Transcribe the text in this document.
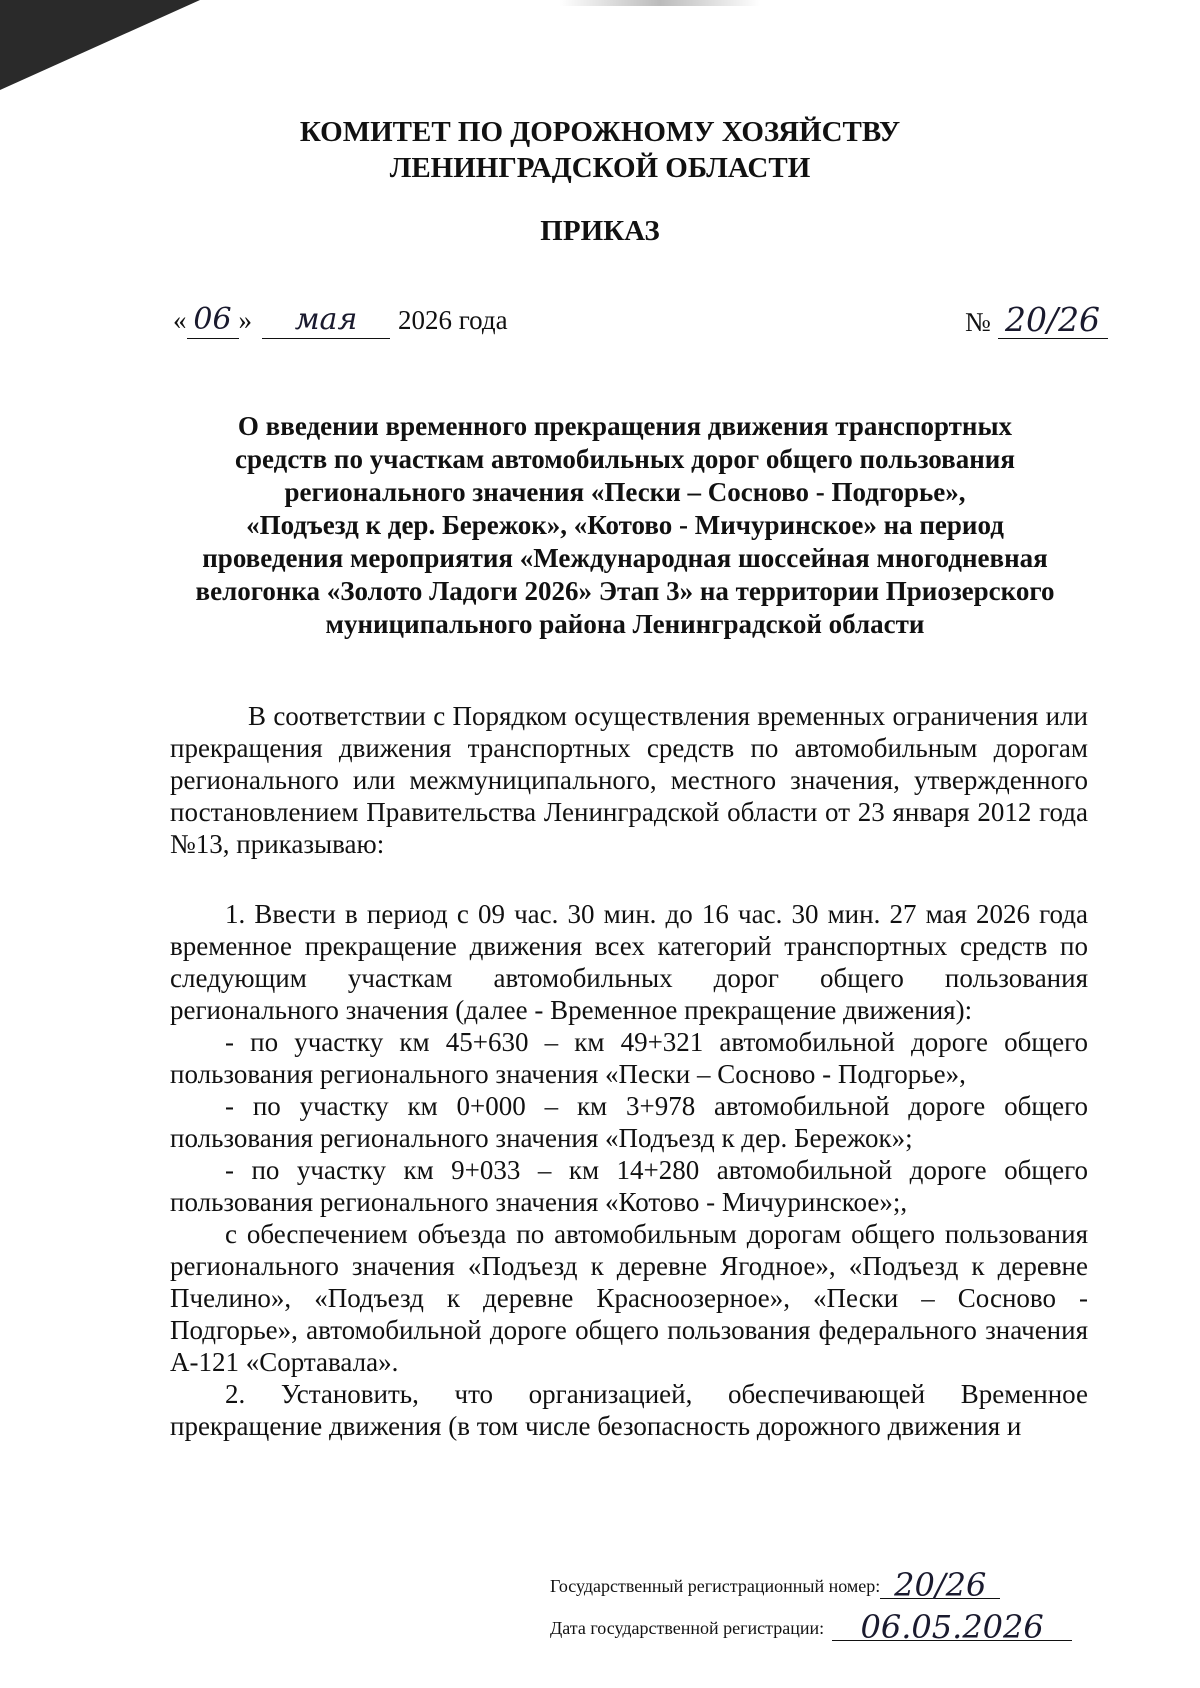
КОМИТЕТ ПО ДОРОЖНОМУ ХОЗЯЙСТВУ
ЛЕНИНГРАДСКОЙ ОБЛАСТИ
ПРИКАЗ
« 06 » мая 2026 года	№ 20/26
О введении временного прекращения движения транспортных
средств по участкам автомобильных дорог общего пользования
регионального значения «Пески – Сосново - Подгорье»,
«Подъезд к дер. Бережок», «Котово - Мичуринское» на период
проведения мероприятия «Международная шоссейная многодневная
велогонка «Золото Ладоги 2026» Этап 3» на территории Приозерского
муниципального района Ленинградской области

В соответствии с Порядком осуществления временных ограничения или прекращения движения транспортных средств по автомобильным дорогам регионального или межмуниципального, местного значения, утвержденного постановлением Правительства Ленинградской области от 23 января 2012 года №13, приказываю:

1. Ввести в период с 09 час. 30 мин. до 16 час. 30 мин. 27 мая 2026 года временное прекращение движения всех категорий транспортных средств по следующим участкам автомобильных дорог общего пользования регионального значения (далее - Временное прекращение движения):

- по участку км 45+630 – км 49+321 автомобильной дороге общего пользования регионального значения «Пески – Сосново - Подгорье»,

- по участку км 0+000 – км 3+978 автомобильной дороге общего пользования регионального значения «Подъезд к дер. Бережок»;

- по участку км 9+033 – км 14+280 автомобильной дороге общего пользования регионального значения «Котово - Мичуринское»;,

с обеспечением объезда по автомобильным дорогам общего пользования регионального значения «Подъезд к деревне Ягодное», «Подъезд к деревне Пчелино», «Подъезд к деревне Красноозерное», «Пески – Сосново - Подгорье», автомобильной дороге общего пользования федерального значения А-121 «Сортавала».

2. Установить, что организацией, обеспечивающей Временное прекращение движения (в том числе безопасность дорожного движения и

Государственный регистрационный номер: 20/26
Дата государственной регистрации: 06.05.2026
